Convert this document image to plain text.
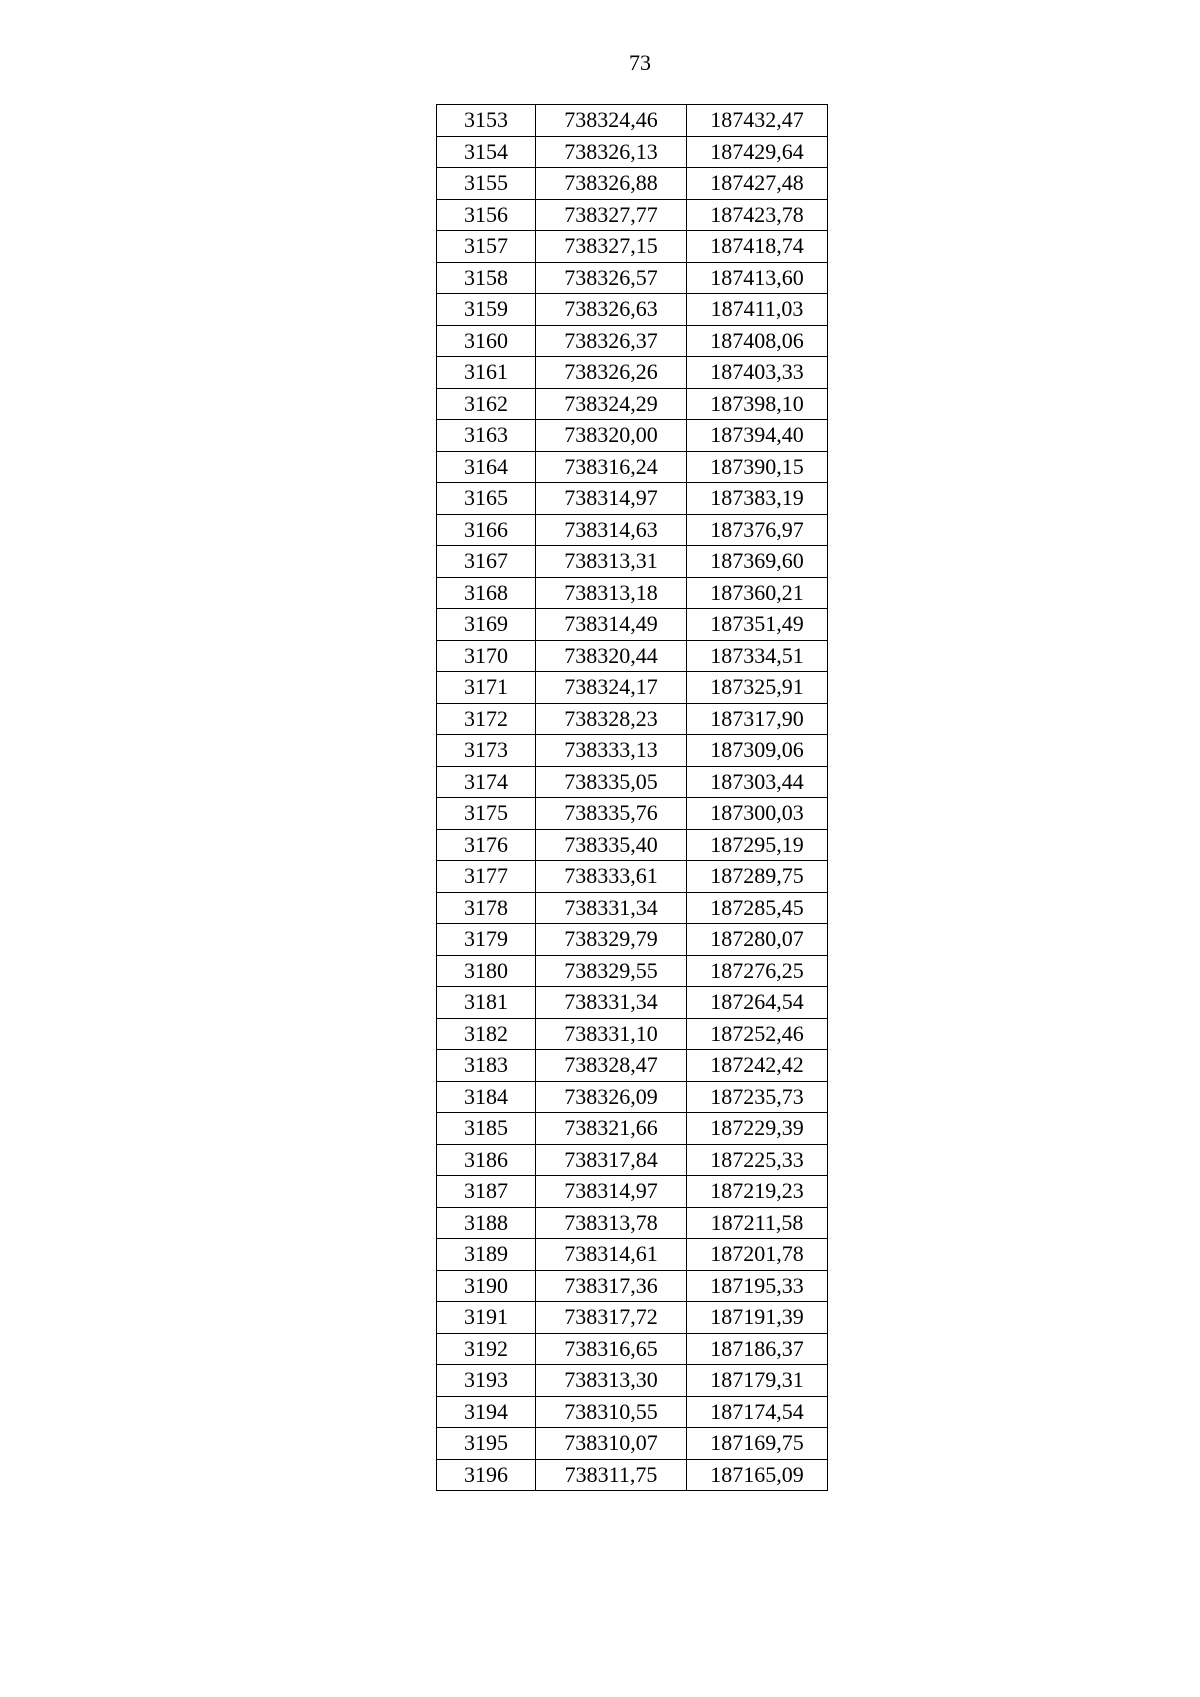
73
3153	738324,46	187432,47
3154	738326,13	187429,64
3155	738326,88	187427,48
3156	738327,77	187423,78
3157	738327,15	187418,74
3158	738326,57	187413,60
3159	738326,63	187411,03
3160	738326,37	187408,06
3161	738326,26	187403,33
3162	738324,29	187398,10
3163	738320,00	187394,40
3164	738316,24	187390,15
3165	738314,97	187383,19
3166	738314,63	187376,97
3167	738313,31	187369,60
3168	738313,18	187360,21
3169	738314,49	187351,49
3170	738320,44	187334,51
3171	738324,17	187325,91
3172	738328,23	187317,90
3173	738333,13	187309,06
3174	738335,05	187303,44
3175	738335,76	187300,03
3176	738335,40	187295,19
3177	738333,61	187289,75
3178	738331,34	187285,45
3179	738329,79	187280,07
3180	738329,55	187276,25
3181	738331,34	187264,54
3182	738331,10	187252,46
3183	738328,47	187242,42
3184	738326,09	187235,73
3185	738321,66	187229,39
3186	738317,84	187225,33
3187	738314,97	187219,23
3188	738313,78	187211,58
3189	738314,61	187201,78
3190	738317,36	187195,33
3191	738317,72	187191,39
3192	738316,65	187186,37
3193	738313,30	187179,31
3194	738310,55	187174,54
3195	738310,07	187169,75
3196	738311,75	187165,09
